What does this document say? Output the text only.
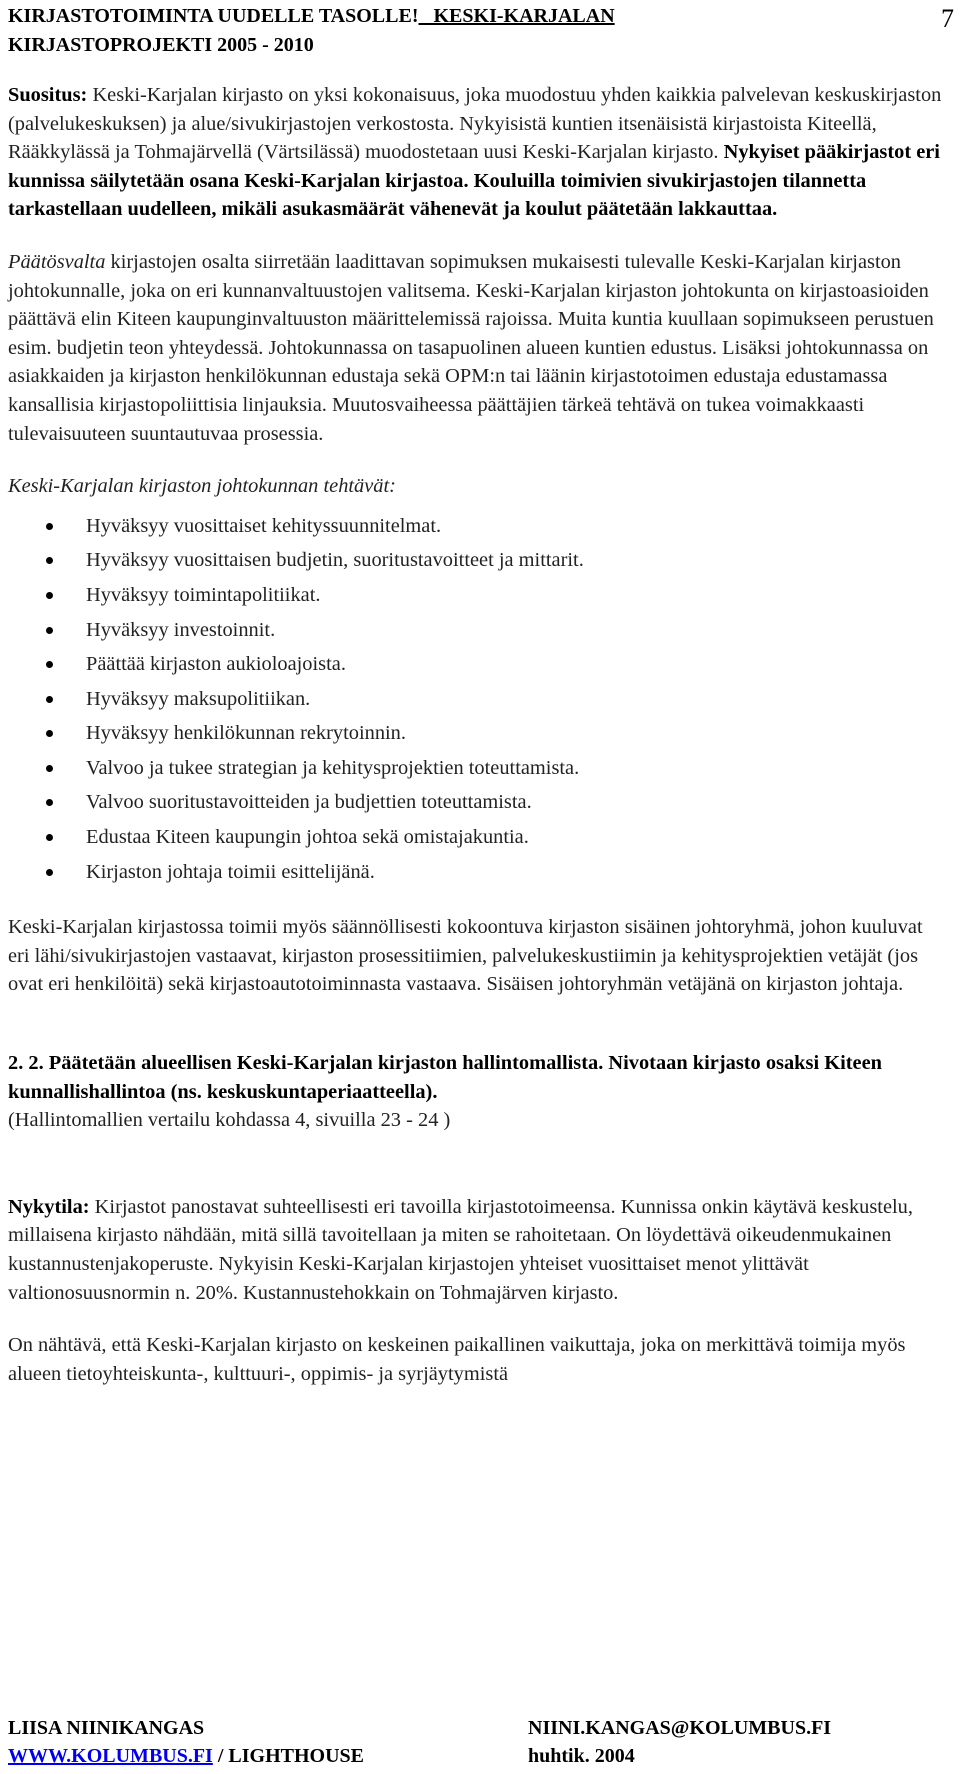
KIRJASTOTOIMINTA UUDELLE TASOLLE! KESKI-KARJALAN
KIRJASTOPROJEKTI 2005 - 2010
7

Suositus: Keski-Karjalan kirjasto on yksi kokonaisuus, joka muodostuu yhden kaikkia palvelevan keskuskirjaston (palvelukeskuksen) ja alue/sivukirjastojen verkostosta. Nykyisistä kuntien itsenäisistä kirjastoista Kiteellä, Rääkkylässä ja Tohmajärvellä (Värtsilässä) muodostetaan uusi Keski-Karjalan kirjasto. Nykyiset pääkirjastot eri kunnissa säilytetään osana Keski-Karjalan kirjastoa. Kouluilla toimivien sivukirjastojen tilannetta tarkastellaan uudelleen, mikäli asukasmäärät vähenevät ja koulut päätetään lakkauttaa.

Päätösvalta kirjastojen osalta siirretään laadittavan sopimuksen mukaisesti tulevalle Keski-Karjalan kirjaston johtokunnalle, joka on eri kunnanvaltuustojen valitsema. Keski-Karjalan kirjaston johtokunta on kirjastoasioiden päättävä elin Kiteen kaupunginvaltuuston määrittelemissä rajoissa. Muita kuntia kuullaan sopimukseen perustuen esim. budjetin teon yhteydessä. Johtokunnassa on tasapuolinen alueen kuntien edustus. Lisäksi johtokunnassa on asiakkaiden ja kirjaston henkilökunnan edustaja sekä OPM:n tai läänin kirjastotoimen edustaja edustamassa kansallisia kirjastopoliittisia linjauksia. Muutosvaiheessa päättäjien tärkeä tehtävä on tukea voimakkaasti tulevaisuuteen suuntautuvaa prosessia.

Keski-Karjalan kirjaston johtokunnan tehtävät:

Hyväksyy vuosittaiset kehityssuunnitelmat.
Hyväksyy vuosittaisen budjetin, suoritustavoitteet ja mittarit.
Hyväksyy toimintapolitiikat.
Hyväksyy investoinnit.
Päättää kirjaston aukioloajoista.
Hyväksyy maksupolitiikan.
Hyväksyy henkilökunnan rekrytoinnin.
Valvoo ja tukee strategian ja kehitysprojektien toteuttamista.
Valvoo suoritustavoitteiden ja budjettien toteuttamista.
Edustaa Kiteen kaupungin johtoa sekä omistajakuntia.
Kirjaston johtaja toimii esittelijänä.

Keski-Karjalan kirjastossa toimii myös säännöllisesti kokoontuva kirjaston sisäinen johtoryhmä, johon kuuluvat eri lähi/sivukirjastojen vastaavat, kirjaston prosessitiimien, palvelukeskustiimin ja kehitysprojektien vetäjät (jos ovat eri henkilöitä) sekä kirjastoautotoiminnasta vastaava. Sisäisen johtoryhmän vetäjänä on kirjaston johtaja.

2. 2. Päätetään alueellisen Keski-Karjalan kirjaston hallintomallista. Nivotaan kirjasto osaksi Kiteen kunnallishallintoa (ns. keskuskuntaperiaatteella).

(Hallintomallien vertailu kohdassa 4, sivuilla 23 - 24 )

Nykytila: Kirjastot panostavat suhteellisesti eri tavoilla kirjastotoimeensa. Kunnissa onkin käytävä keskustelu, millaisena kirjasto nähdään, mitä sillä tavoitellaan ja miten se rahoitetaan. On löydettävä oikeudenmukainen kustannustenjakoperuste. Nykyisin Keski-Karjalan kirjastojen yhteiset vuosittaiset menot ylittävät valtionosuusnormin n. 20%. Kustannustehokkain on Tohmajärven kirjasto.

On nähtävä, että Keski-Karjalan kirjasto on keskeinen paikallinen vaikuttaja, joka on merkittävä toimija myös alueen tietoyhteiskunta-, kulttuuri-, oppimis- ja syrjäytymistä

LIISA NIINIKANGAS	NIINI.KANGAS@KOLUMBUS.FI
WWW.KOLUMBUS.FI / LIGHTHOUSE	huhtik. 2004
